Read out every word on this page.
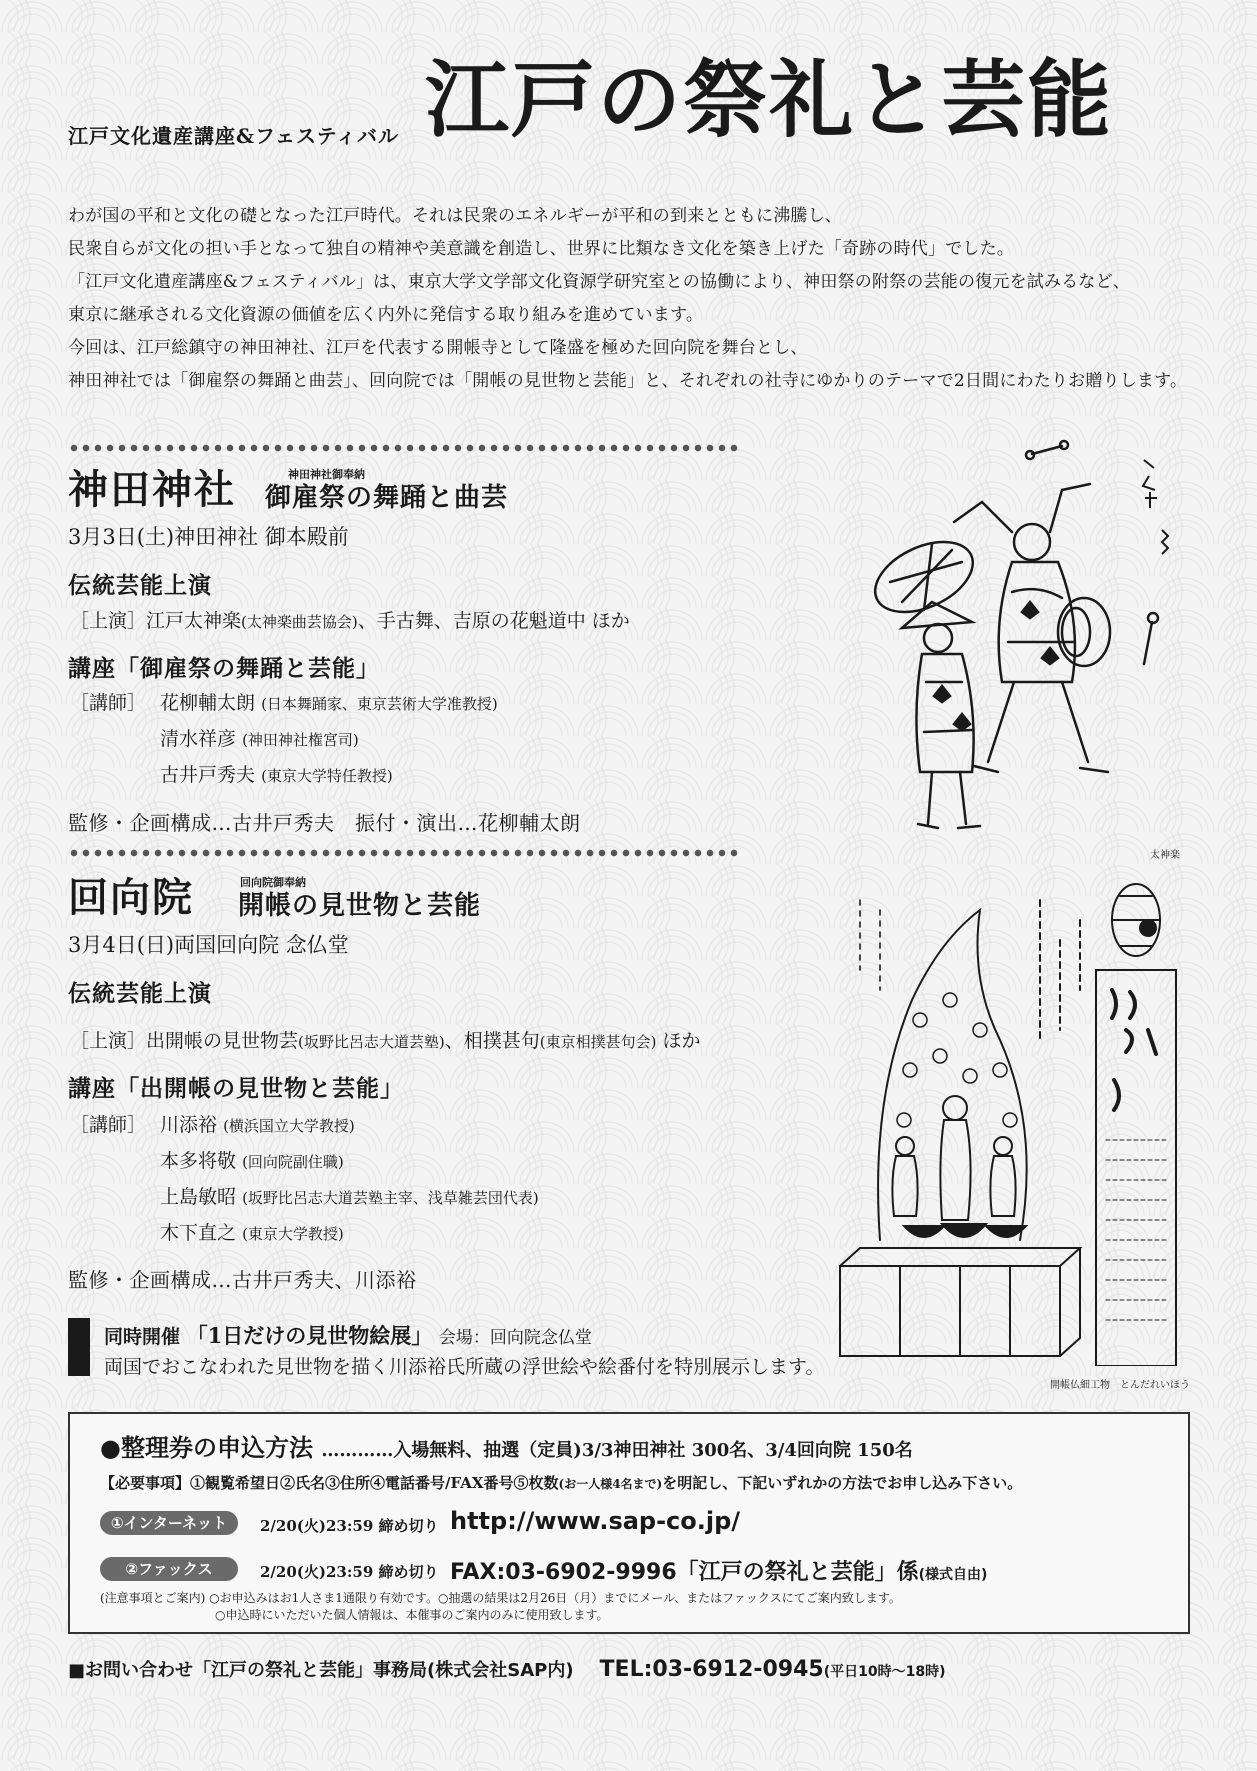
江戸文化遺産講座&フェスティバル 江戸の祭礼と芸能

わが国の平和と文化の礎となった江戸時代。それは民衆のエネルギーが平和の到来とともに沸騰し、

民衆自らが文化の担い手となって独自の精神や美意識を創造し、世界に比類なき文化を築き上げた「奇跡の時代」でした。

「江戸文化遺産講座&フェスティバル」は、東京大学文学部文化資源学研究室との協働により、神田祭の附祭の芸能の復元を試みるなど、

東京に継承される文化資源の価値を広く内外に発信する取り組みを進めています。

今回は、江戸総鎮守の神田神社、江戸を代表する開帳寺として隆盛を極めた回向院を舞台とし、

神田神社では「御雇祭の舞踊と曲芸」、回向院では「開帳の見世物と芸能」と、それぞれの社寺にゆかりのテーマで2日間にわたりお贈りします。

神田神社	神田神社御奉納
御雇祭の舞踊と曲芸
3月3日(土)神田神社 御本殿前
伝統芸能上演
［上演］江戸太神楽(太神楽曲芸協会)、手古舞、吉原の花魁道中 ほか
講座「御雇祭の舞踊と芸能」
［講師］ 花柳輔太朗 (日本舞踊家、東京芸術大学准教授)
清水祥彦 (神田神社権宮司)
古井戸秀夫 (東京大学特任教授)
監修・企画構成…古井戸秀夫　振付・演出…花柳輔太朗
回向院	回向院御奉納
開帳の見世物と芸能
3月4日(日)両国回向院 念仏堂
伝統芸能上演
［上演］出開帳の見世物芸(坂野比呂志大道芸塾)、相撲甚句(東京相撲甚句会) ほか
講座「出開帳の見世物と芸能」
［講師］ 川添裕 (横浜国立大学教授)
本多将敬 (回向院副住職)
上島敏昭 (坂野比呂志大道芸塾主宰、浅草雑芸団代表)
木下直之 (東京大学教授)
監修・企画構成…古井戸秀夫、川添裕
同時開催 「1日だけの見世物絵展」 会場：回向院念仏堂
両国でおこなわれた見世物を描く川添裕氏所蔵の浮世絵や絵番付を特別展示します。
太神楽
開帳仏細工物　とんだれいほう
●整理券の申込方法 …………入場無料、抽選（定員)3/3神田神社 300名、3/4回向院 150名
【必要事項】①観覧希望日②氏名③住所④電話番号/FAX番号⑤枚数(お一人様4名まで)を明記し、下記いずれかの方法でお申し込み下さい。
①インターネット	2/20(火)23:59 締め切り http://www.sap-co.jp/
②ファックス	2/20(火)23:59 締め切り FAX:03-6902-9996「江戸の祭礼と芸能」係(様式自由)
(注意事項とご案内) ○お申込みはお1人さま1通限り有効です。○抽選の結果は2月26日（月）までにメール、またはファックスにてご案内致します。
○申込時にいただいた個人情報は、本催事のご案内のみに使用致します。
■お問い合わせ「江戸の祭礼と芸能」事務局(株式会社SAP内) TEL:03-6912-0945(平日10時～18時)
